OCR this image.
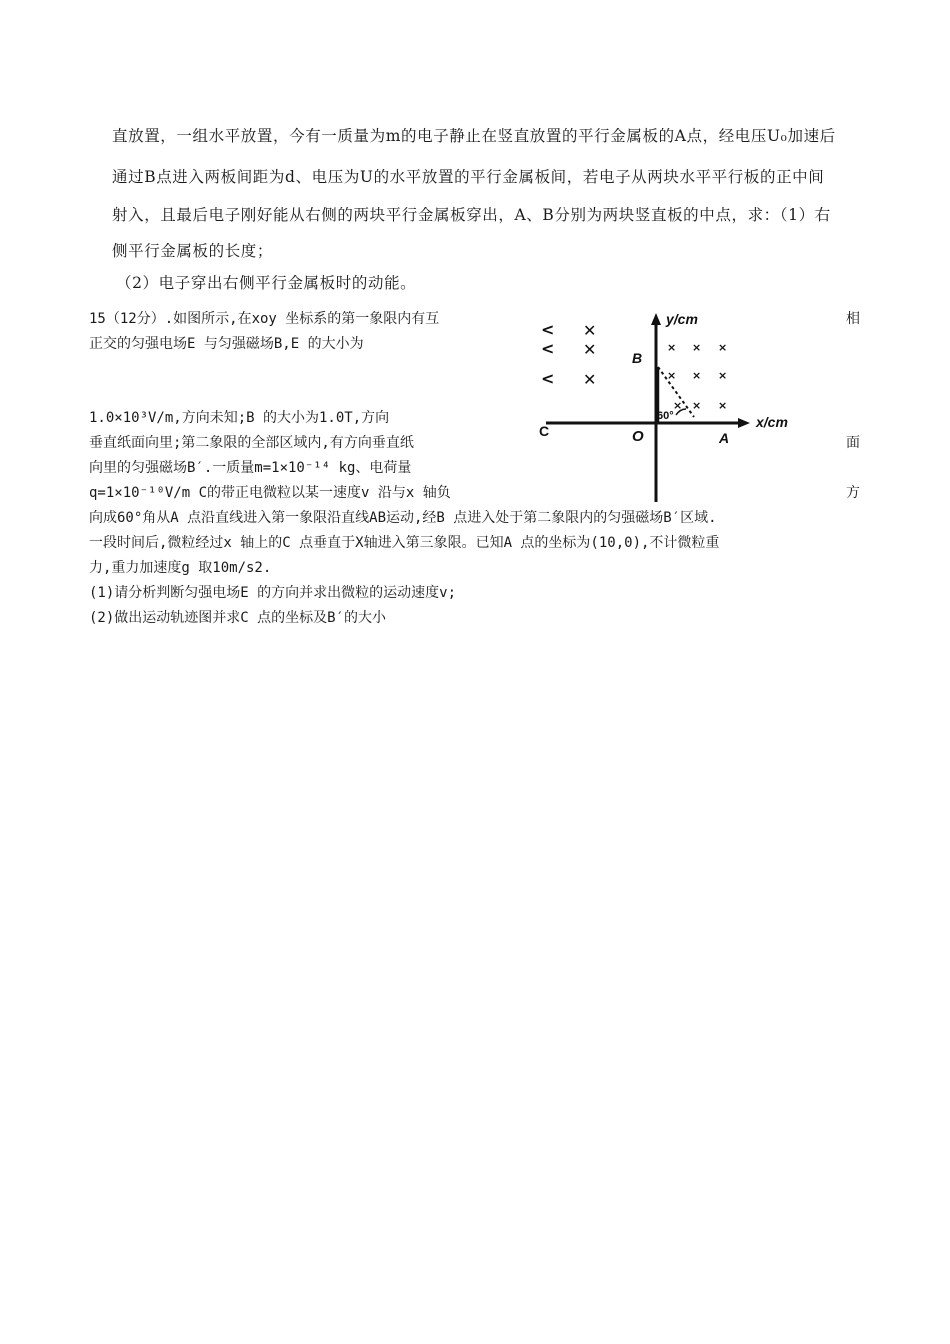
直放置，一组水平放置，今有一质量为m的电子静止在竖直放置的平行金属板的A点，经电压U₀加速后
通过B点进入两板间距为d、电压为U的水平放置的平行金属板间，若电子从两块水平平行板的正中间
射入，且最后电子刚好能从右侧的两块平行金属板穿出，A、B分别为两块竖直板的中点，求：（1）右
侧平行金属板的长度；
（2）电子穿出右侧平行金属板时的动能。
15（12分）.如图所示,在xoy 坐标系的第一象限内有互	相
正交的匀强电场E 与匀强磁场B,E 的大小为
1.0×10³V/m,方向未知;B 的大小为1.0T,方向
垂直纸面向里;第二象限的全部区域内,有方向垂直纸	面
向里的匀强磁场B′.一质量m=1×10⁻¹⁴ kg、电荷量
q=1×10⁻¹⁰V/m C的带正电微粒以某一速度v 沿与x 轴负	方
向成60°角从A 点沿直线进入第一象限沿直线AB运动,经B 点进入处于第二象限内的匀强磁场B′区域.
一段时间后,微粒经过x 轴上的C 点垂直于X轴进入第三象限。已知A 点的坐标为(10,0),不计微粒重
力,重力加速度g 取10m/s2.
(1)请分析判断匀强电场E 的方向并求出微粒的运动速度v;
(2)做出运动轨迹图并求C 点的坐标及B′的大小
y/cm
x/cm
O	A
B
60°
C
< ✕
< ✕
< ✕
× × ×
× × ×
× ×
×
